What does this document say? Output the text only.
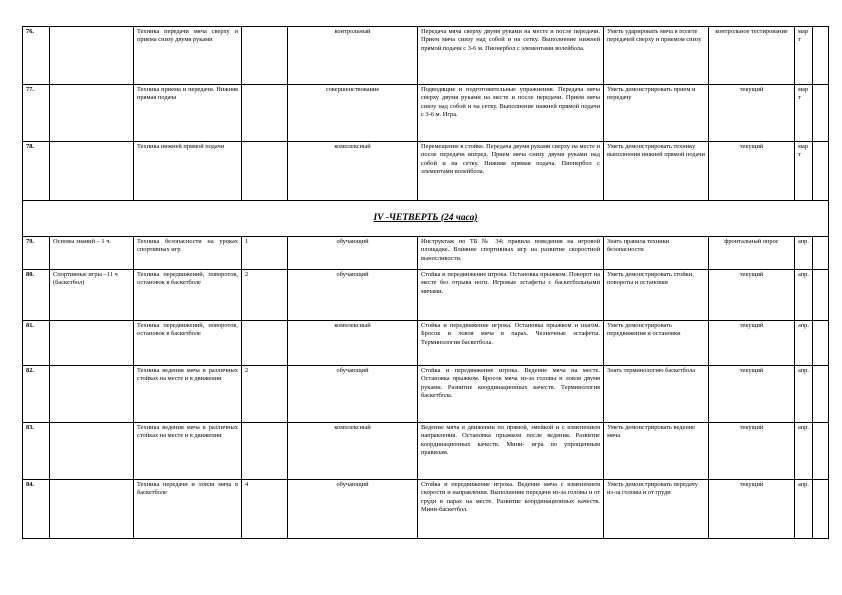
76.		Техника передачи мяча сверху и приема снизу двумя руками		контрольный	Передача мяча сверху двумя руками на месте и после передачи. Прием мяча снизу над собой и на сетку. Выполнение нижней прямой подачи с 3-6 м. Пионербол с элементами волейбола.	Уметь ударировать мяча в полете передачей сверху и приемом снизу	контрольное тестирование	март	
77.		Техника приема и передачи. Нижняя прямая подача		совершенствование	Подводящие и подготовительные упражнения. Передача мяча сверху двумя руками на месте и после передачи. Прием мяча снизу над собой и на сетку. Выполнение нижней прямой подачи с 3-6 м. Игра.	Уметь демонстрировать прием и передачу	текущий	март	
78.		Техника нижней прямой подачи		комплексный	Перемещение в стойке. Передача двумя руками сверху на месте и после передачи вперед. Прием мяча снизу двумя руками над собой и на сетку. Нижняя прямая подача. Пионербол с элементами волейбола.	Уметь демонстрировать технику выполнения нижней прямой подачи	текущий	март	
IV -ЧЕТВЕРТЬ (24 часа)									
79.	Основы знаний – 1 ч.	Техника безопасности на уроках спортивных игр	1	обучающий	Инструктаж по ТБ № 34; правила поведения на игровой площадке. Влияние спортивных игр на развитие скоростной выносливости.	Знать правила техники безопасности	фронтальный опрос	апр.	
80.	Спортивные игры –11 ч (баскетбол)	Техника передвижений, поворотов, остановок в баскетболе	2	обучающий	Стойка и передвижение игрока. Остановка прыжком. Поворот на месте без отрыва ноги. Игровые эстафеты с баскетбольными мячами.	Уметь демонстрировать стойки, повороты и остановки	текущий	апр.	
81.		Техника передвижений, поворотов, остановок в баскетболе		комплексный	Стойка и передвижение игрока. Остановка прыжком и шагом. Бросок и ловля мяча в парах. Челночные эстафеты. Терминология баскетбола.	Уметь демонстрировать передвижения и остановки	текущий	апр.	
82.		Техника ведения мяча в различных стойках на месте и в движении	2	обучающий	Стойка и передвижение игрока. Ведение мяча на месте. Остановка прыжком. Бросок мяча из-за головы и ловля двумя руками. Развитие координационных качеств. Терминология баскетбола.	Знать терминологию баскетбола	текущий	апр.	
83.		Техника ведения мяча в различных стойках на месте и в движении		комплексный	Ведение мяча в движении по прямой, змейкой и с изменением направления. Остановка прыжком после ведения. Развитие координационных качеств. Мини- игра по упрощенным правилам.	Уметь демонстрировать ведение мяча	текущий	апр.	
84.		Техника передачи и ловли мяча в баскетболе	4	обучающий	Стойка и передвижение игрока. Ведение мяча с изменением скорости и направления. Выполнение передачи из-за головы и от груди в парах на месте. Развитие координационных качеств. Мини-баскетбол.	Уметь демонстрировать передачу из-за головы и от груди	текущий	апр.	
